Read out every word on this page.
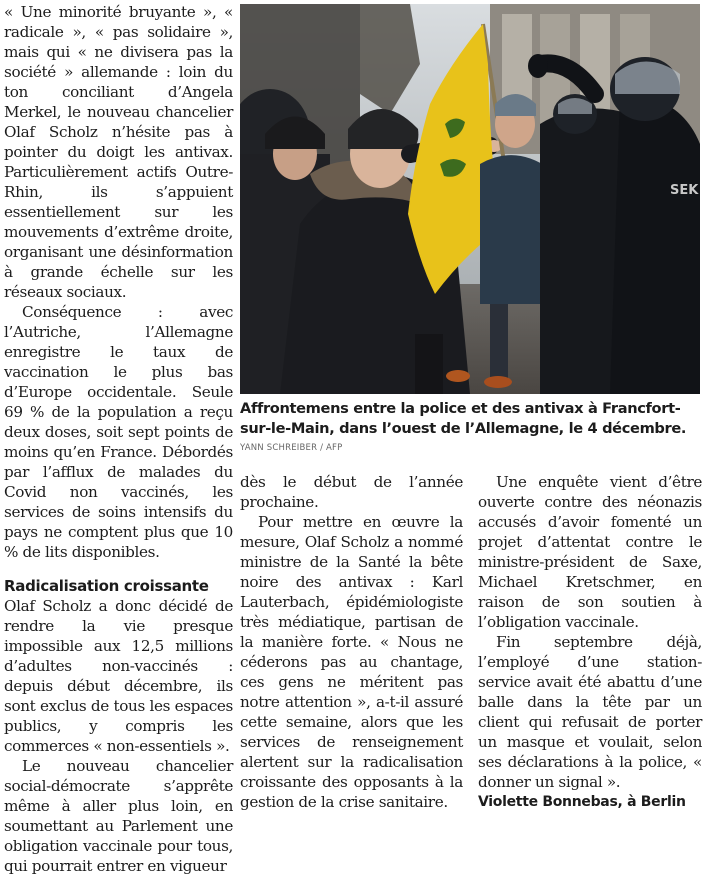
« Une minorité bruyante », « radicale », « pas solidaire », mais qui « ne divisera pas la société » allemande : loin du ton conciliant d’Angela Merkel, le nouveau chancelier Olaf Scholz n’hésite pas à pointer du doigt les antivax. Particulièrement actifs Outre-Rhin, ils s’appuient essentiellement sur les mouvements d’extrême droite, organisant une désinformation à grande échelle sur les réseaux sociaux.

Conséquence : avec l’Autriche, l’Allemagne enregistre le taux de vaccination le plus bas d’Europe occidentale. Seule 69 % de la population a reçu deux doses, soit sept points de moins qu’en France. Débordés par l’afflux de malades du Covid non vaccinés, les services de soins intensifs du pays ne comptent plus que 10 % de lits disponibles.

Radicalisation croissante

Olaf Scholz a donc décidé de rendre la vie presque impossible aux 12,5 millions d’adultes non-vaccinés : depuis début décembre, ils sont exclus de tous les espaces publics, y compris les commerces « non-essentiels ».

Le nouveau chancelier social-démocrate s’apprête même à aller plus loin, en soumettant au Parlement une obligation vaccinale pour tous, qui pourrait entrer en vigueur

SEK
Affrontemens entre la police et des antivax à Francfort-sur-le-Main, dans l’ouest de l’Allemagne, le 4 décembre.
YANN SCHREIBER / AFP

dès le début de l’année prochaine.

Pour mettre en œuvre la mesure, Olaf Scholz a nommé ministre de la Santé la bête noire des antivax : Karl Lauterbach, épidémiologiste très médiatique, partisan de la manière forte. « Nous ne céderons pas au chantage, ces gens ne méritent pas notre attention », a-t-il assuré cette semaine, alors que les services de renseignement alertent sur la radicalisation croissante des opposants à la gestion de la crise sanitaire.

Une enquête vient d’être ouverte contre des néonazis accusés d’avoir fomenté un projet d’attentat contre le ministre-président de Saxe, Michael Kretschmer, en raison de son soutien à l’obligation vaccinale.

Fin septembre déjà, l’employé d’une station-service avait été abattu d’une balle dans la tête par un client qui refusait de porter un masque et voulait, selon ses déclarations à la police, « donner un signal ».

Violette Bonnebas, à Berlin
